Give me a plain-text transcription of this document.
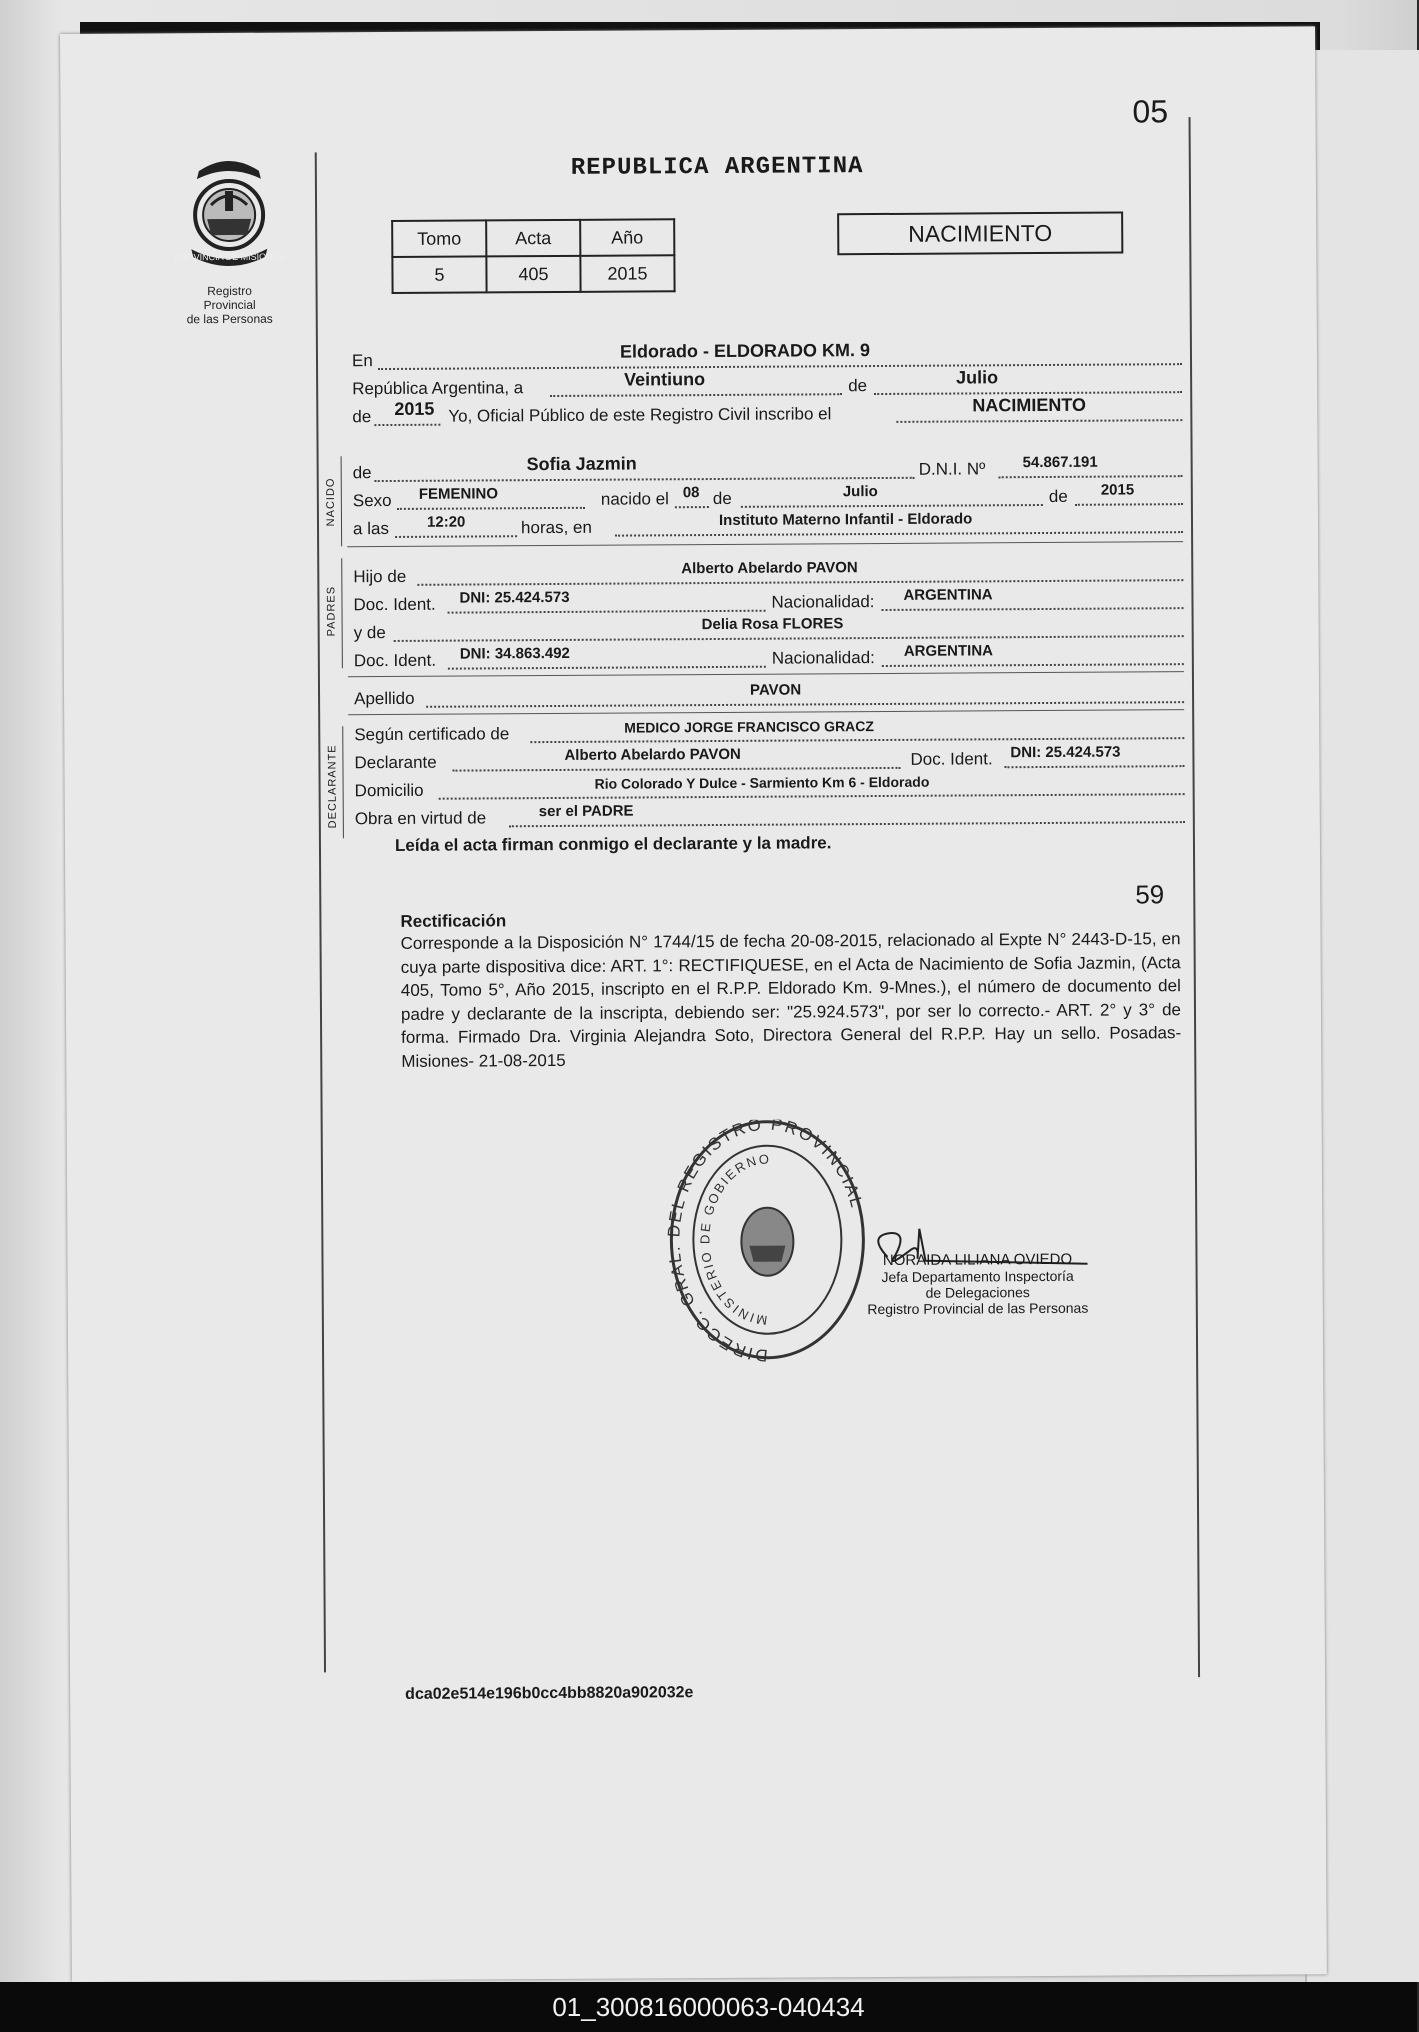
05
PROVINCIA DE MISIONES
Registro Provincial
de las Personas
REPUBLICA ARGENTINA
Tomo	Acta	Año
5	405	2015
NACIMIENTO
En	Eldorado - ELDORADO KM. 9
República Argentina, a	Veintiuno	de	Julio
de 2015 Yo, Oficial Público de este Registro Civil inscribo el	NACIMIENTO
NACIDO
de	Sofia Jazmin	D.N.I. Nº 54.867.191
Sexo FEMENINO	nacido el 08 de	Julio	de 2015
a las	12:20	horas, en	Instituto Materno Infantil - Eldorado
PADRES
Hijo de	Alberto Abelardo PAVON
Doc. Ident. DNI: 25.424.573	Nacionalidad: ARGENTINA
y de	Delia Rosa FLORES
Doc. Ident. DNI: 34.863.492	Nacionalidad: ARGENTINA
Apellido	PAVON
DECLARANTE
Según certificado de	MEDICO JORGE FRANCISCO GRACZ
Declarante	Alberto Abelardo PAVON	Doc. Ident. DNI: 25.424.573
Domicilio	Rio Colorado Y Dulce - Sarmiento Km 6 - Eldorado
Obra en virtud de	ser el PADRE
Leída el acta firman conmigo el declarante y la madre.
59
Rectificación
Corresponde a la Disposición N° 1744/15 de fecha 20-08-2015, relacionado al Expte N° 2443-D-15, en cuya parte dispositiva dice: ART. 1°: RECTIFIQUESE, en el Acta de Nacimiento de Sofia Jazmin, (Acta 405, Tomo 5°, Año 2015, inscripto en el R.P.P. Eldorado Km. 9-Mnes.), el número de documento del padre y declarante de la inscripta, debiendo ser: "25.924.573", por ser lo correcto.- ART. 2° y 3° de forma. Firmado Dra. Virginia Alejandra Soto, Directora General del R.P.P. Hay un sello. Posadas- Misiones- 21-08-2015
DIRECC. GRAL. DEL REGISTRO PROVINCIAL
MINISTERIO DE GOBIERNO
NORAIDA LILIANA OVIEDO
Jefa Departamento Inspectoría
de Delegaciones
Registro Provincial de las Personas
dca02e514e196b0cc4bb8820a902032e
01_300816000063-040434
